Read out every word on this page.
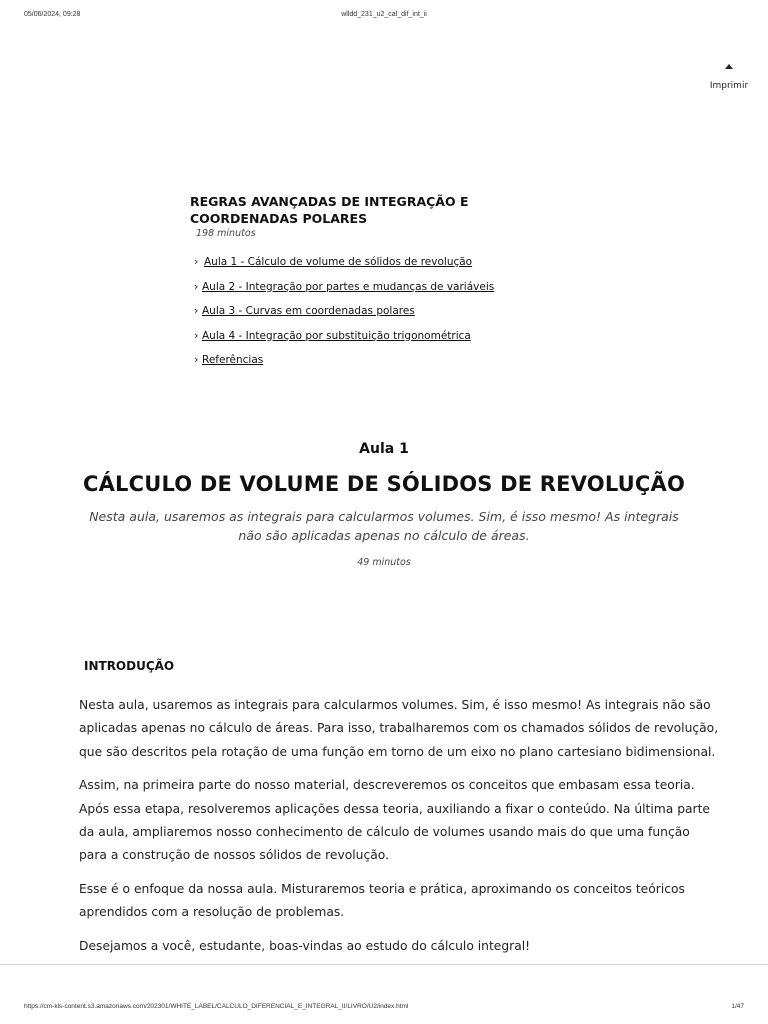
05/06/2024, 09:28	wlldd_231_u2_cal_dif_int_ii
Imprimir
REGRAS AVANÇADAS DE INTEGRAÇÃO E COORDENADAS POLARES
198 minutos
› Aula 1 - Cálculo de volume de sólidos de revolução
› Aula 2 - Integração por partes e mudanças de variáveis
› Aula 3 - Curvas em coordenadas polares
› Aula 4 - Integração por substituição trigonométrica
› Referências
Aula 1
CÁLCULO DE VOLUME DE SÓLIDOS DE REVOLUÇÃO
Nesta aula, usaremos as integrais para calcularmos volumes. Sim, é isso mesmo! As integrais não são aplicadas apenas no cálculo de áreas.
49 minutos
INTRODUÇÃO

Nesta aula, usaremos as integrais para calcularmos volumes. Sim, é isso mesmo! As integrais não são aplicadas apenas no cálculo de áreas. Para isso, trabalharemos com os chamados sólidos de revolução, que são descritos pela rotação de uma função em torno de um eixo no plano cartesiano bidimensional.

Assim, na primeira parte do nosso material, descreveremos os conceitos que embasam essa teoria. Após essa etapa, resolveremos aplicações dessa teoria, auxiliando a fixar o conteúdo. Na última parte da aula, ampliaremos nosso conhecimento de cálculo de volumes usando mais do que uma função para a construção de nossos sólidos de revolução.

Esse é o enfoque da nossa aula. Misturaremos teoria e prática, aproximando os conceitos teóricos aprendidos com a resolução de problemas.

Desejamos a você, estudante, boas-vindas ao estudo do cálculo integral!

https://cm-kls-content.s3.amazonaws.com/202301/WHITE_LABEL/CALCULO_DIFERENCIAL_E_INTEGRAL_II/LIVRO/U2/index.html	1/47
